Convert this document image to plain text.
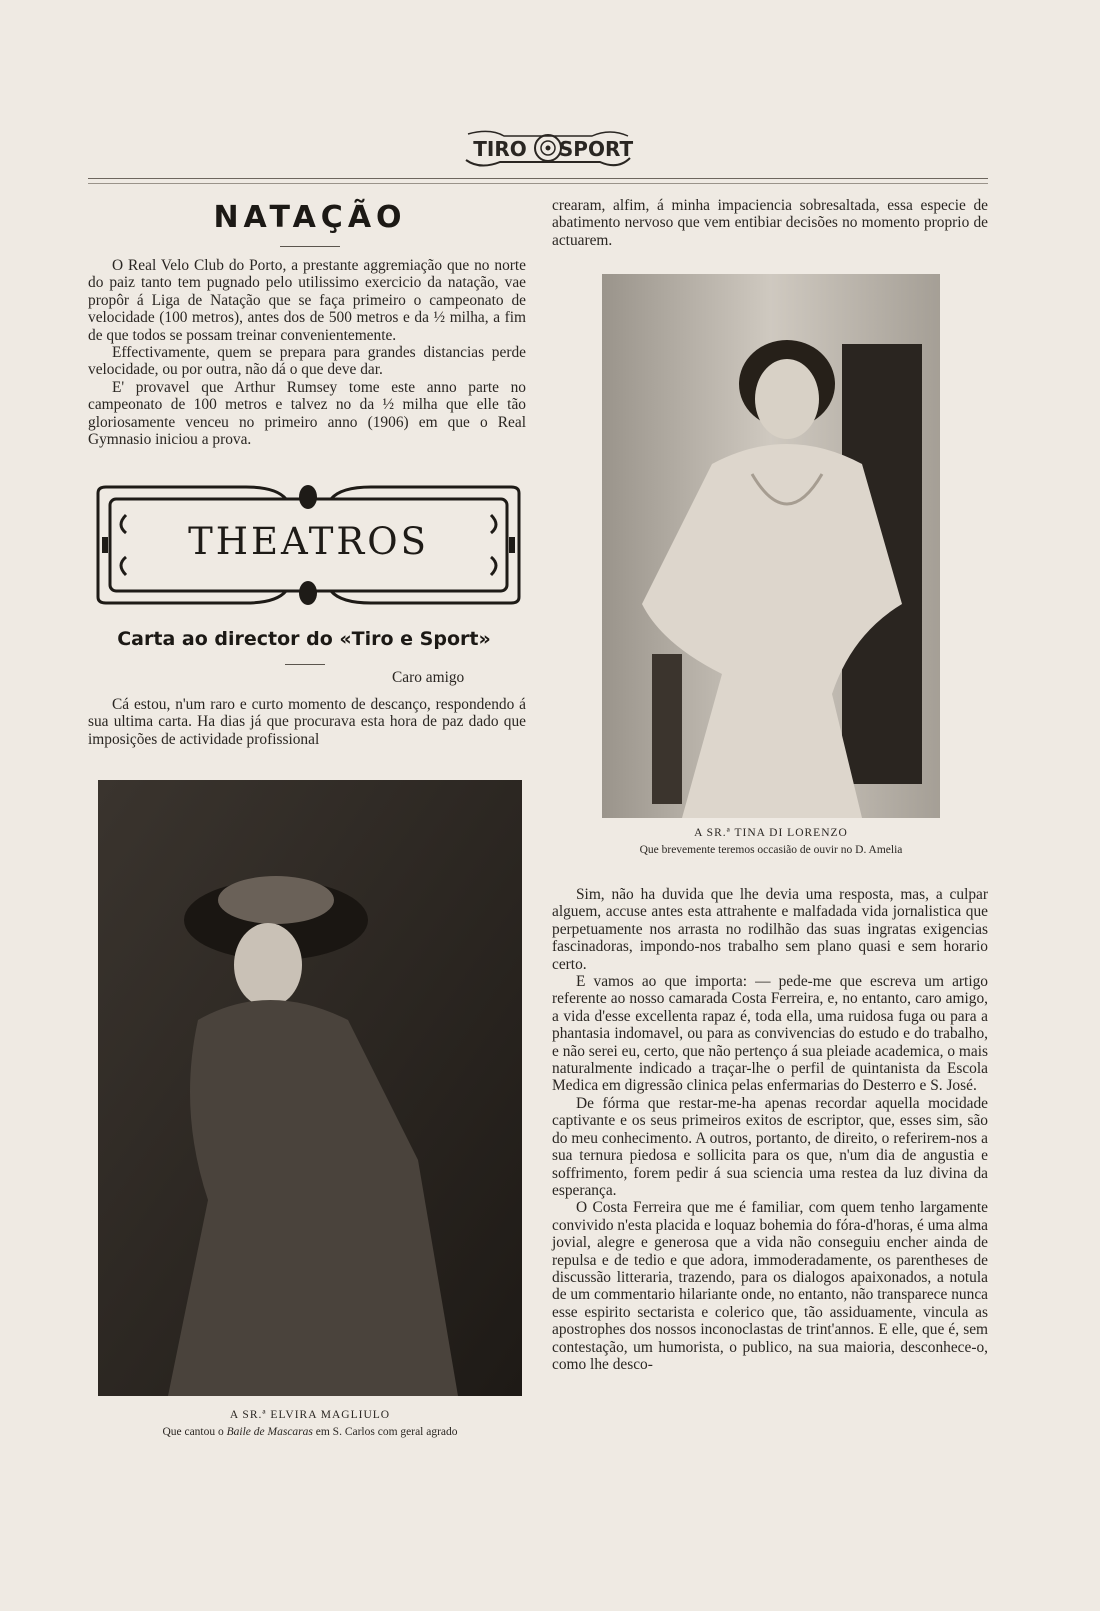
TIRO SPORT
NATAÇÃO

O Real Velo Club do Porto, a prestante aggremiação que no norte do paiz tanto tem pugnado pelo utilissimo exercicio da natação, vae propôr á Liga de Natação que se faça primeiro o campeonato de velocidade (100 metros), antes dos de 500 metros e da ½ milha, a fim de que todos se possam treinar convenientemente.

Effectivamente, quem se prepara para grandes distancias perde velocidade, ou por outra, não dá o que deve dar.

E' provavel que Arthur Rumsey tome este anno parte no campeonato de 100 metros e talvez no da ½ milha que elle tão gloriosamente venceu no primeiro anno (1906) em que o Real Gymnasio iniciou a prova.

THEATROS
Carta ao director do «Tiro e Sport»
Caro amigo

Cá estou, n'um raro e curto momento de descanço, respondendo á sua ultima carta. Ha dias já que procurava esta hora de paz dado que imposições de actividade profissional

crearam, alfim, á minha impaciencia sobresaltada, essa especie de abatimento nervoso que vem entibiar decisões no momento proprio de actuarem.

A SR.ª TINA DI LORENZO
Que brevemente teremos occasião de ouvir no D. Amelia

Sim, não ha duvida que lhe devia uma resposta, mas, a culpar alguem, accuse antes esta attrahente e malfadada vida jornalistica que perpetuamente nos arrasta no rodilhão das suas ingratas exigencias fascinadoras, impondo-nos trabalho sem plano quasi e sem horario certo.

E vamos ao que importa: — pede-me que escreva um artigo referente ao nosso camarada Costa Ferreira, e, no entanto, caro amigo, a vida d'esse excellenta rapaz é, toda ella, uma ruidosa fuga ou para a phantasia indomavel, ou para as convivencias do estudo e do trabalho, e não serei eu, certo, que não pertenço á sua pleiade academica, o mais naturalmente indicado a traçar-lhe o perfil de quintanista da Escola Medica em digressão clinica pelas enfermarias do Desterro e S. José.

De fórma que restar-me-ha apenas recordar aquella mocidade captivante e os seus primeiros exitos de escriptor, que, esses sim, são do meu conhecimento. A outros, portanto, de direito, o referirem-nos a sua ternura piedosa e sollicita para os que, n'um dia de angustia e soffrimento, forem pedir á sua sciencia uma restea da luz divina da esperança.

O Costa Ferreira que me é familiar, com quem tenho largamente convivido n'esta placida e loquaz bohemia do fóra-d'horas, é uma alma jovial, alegre e generosa que a vida não conseguiu encher ainda de repulsa e de tedio e que adora, immoderadamente, os parentheses de discussão litteraria, trazendo, para os dialogos apaixonados, a notula de um commentario hilariante onde, no entanto, não transparece nunca esse espirito sectarista e colerico que, tão assiduamente, vincula as apostrophes dos nossos inconoclastas de trint'annos. E elle, que é, sem contestação, um humorista, o publico, na sua maioria, desconhece-o, como lhe desco-

A SR.ª ELVIRA MAGLIULO
Que cantou o Baile de Mascaras em S. Carlos com geral agrado
